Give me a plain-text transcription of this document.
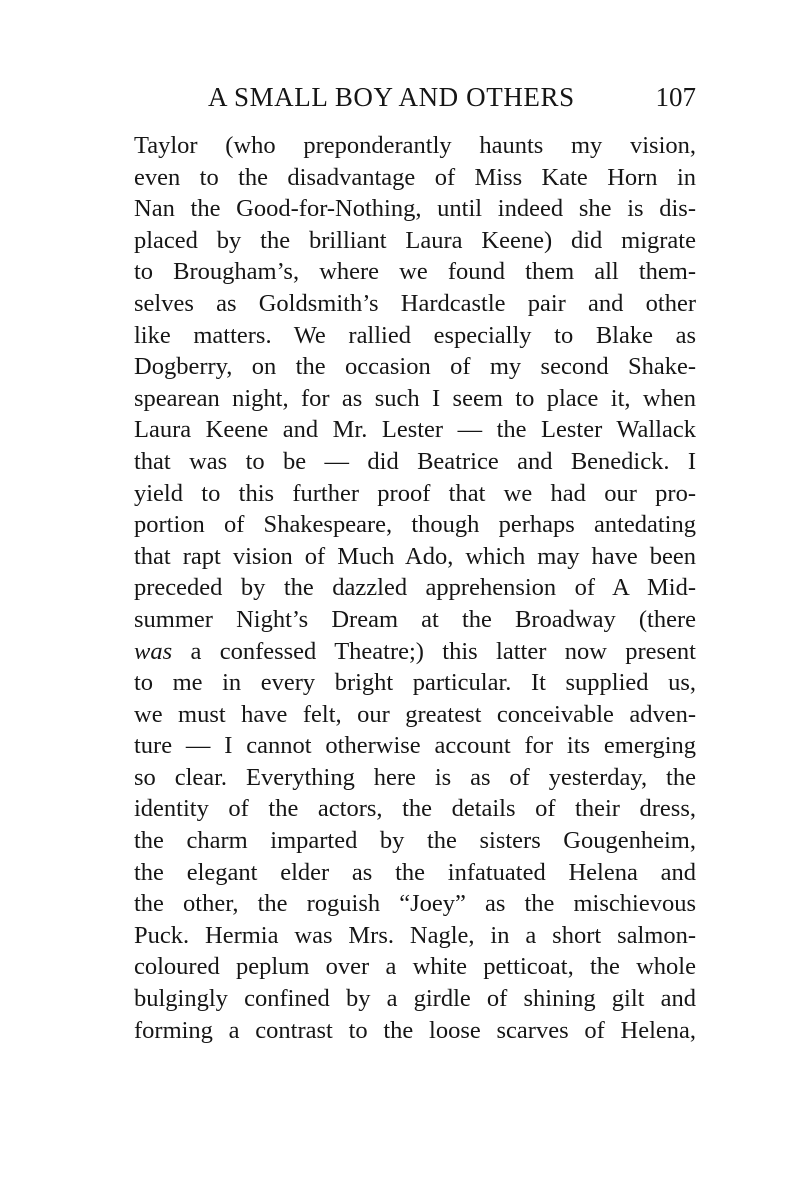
A SMALL BOY AND OTHERS	107
Taylor (who preponderantly haunts my vision,
even to the disadvantage of Miss Kate Horn in
Nan the Good-for-Nothing, until indeed she is dis-
placed by the brilliant Laura Keene) did migrate
to Brougham’s, where we found them all them-
selves as Goldsmith’s Hardcastle pair and other
like matters. We rallied especially to Blake as
Dogberry, on the occasion of my second Shake-
spearean night, for as such I seem to place it, when
Laura Keene and Mr. Lester — the Lester Wallack
that was to be — did Beatrice and Benedick. I
yield to this further proof that we had our pro-
portion of Shakespeare, though perhaps antedating
that rapt vision of Much Ado, which may have been
preceded by the dazzled apprehension of A Mid-
summer Night’s Dream at the Broadway (there
was a confessed Theatre;) this latter now present
to me in every bright particular. It supplied us,
we must have felt, our greatest conceivable adven-
ture — I cannot otherwise account for its emerging
so clear. Everything here is as of yesterday, the
identity of the actors, the details of their dress,
the charm imparted by the sisters Gougenheim,
the elegant elder as the infatuated Helena and
the other, the roguish “Joey” as the mischievous
Puck. Hermia was Mrs. Nagle, in a short salmon-
coloured peplum over a white petticoat, the whole
bulgingly confined by a girdle of shining gilt and
forming a contrast to the loose scarves of Helena,
